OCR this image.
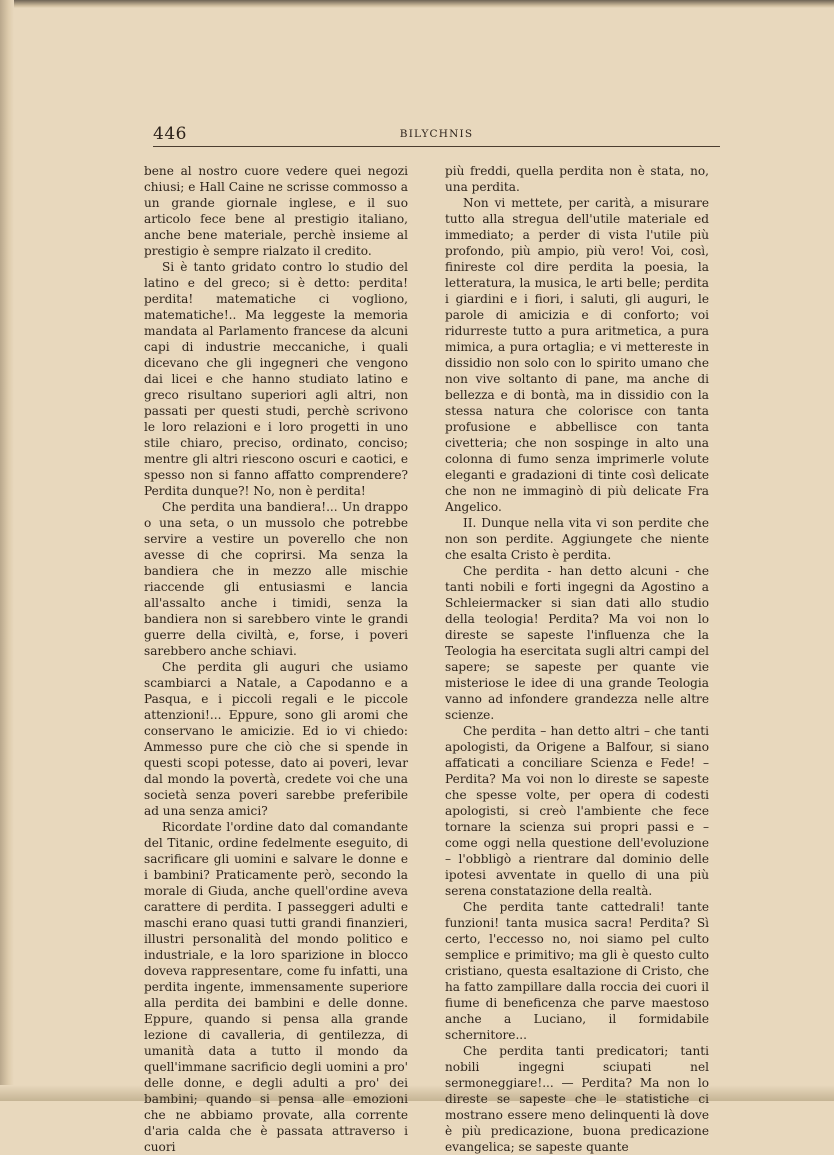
446	BILYCHNIS

bene al nostro cuore vedere quei negozi chiusi; e Hall Caine ne scrisse commosso a un grande giornale inglese, e il suo articolo fece bene al prestigio italiano, anche bene materiale, perchè insieme al prestigio è sempre rialzato il credito.

Si è tanto gridato contro lo studio del latino e del greco; si è detto: perdita! perdita! matematiche ci vogliono, matematiche!.. Ma leggeste la memoria mandata al Parlamento francese da alcuni capi di industrie meccaniche, i quali dicevano che gli ingegneri che vengono dai licei e che hanno studiato latino e greco risultano superiori agli altri, non passati per questi studi, perchè scrivono le loro relazioni e i loro progetti in uno stile chiaro, preciso, ordinato, conciso; mentre gli altri riescono oscuri e caotici, e spesso non si fanno affatto comprendere? Perdita dunque?! No, non è perdita!

Che perdita una bandiera!... Un drappo o una seta, o un mussolo che potrebbe servire a vestire un poverello che non avesse di che coprirsi. Ma senza la bandiera che in mezzo alle mischie riaccende gli entusiasmi e lancia all'assalto anche i timidi, senza la bandiera non si sarebbero vinte le grandi guerre della civiltà, e, forse, i poveri sarebbero anche schiavi.

Che perdita gli auguri che usiamo scambiarci a Natale, a Capodanno e a Pasqua, e i piccoli regali e le piccole attenzioni!... Eppure, sono gli aromi che conservano le amicizie. Ed io vi chiedo: Ammesso pure che ciò che si spende in questi scopi potesse, dato ai poveri, levar dal mondo la povertà, credete voi che una società senza poveri sarebbe preferibile ad una senza amici?

Ricordate l'ordine dato dal comandante del Titanic, ordine fedelmente eseguito, di sacrificare gli uomini e salvare le donne e i bambini? Praticamente però, secondo la morale di Giuda, anche quell'ordine aveva carattere di perdita. I passeggeri adulti e maschi erano quasi tutti grandi finanzieri, illustri personalità del mondo politico e industriale, e la loro sparizione in blocco doveva rappresentare, come fu infatti, una perdita ingente, immensamente superiore alla perdita dei bambini e delle donne. Eppure, quando si pensa alla grande lezione di cavalleria, di gentilezza, di umanità data a tutto il mondo da quell'immane sacrificio degli uomini a pro' delle donne, e degli adulti a pro' dei bambini; quando si pensa alle emozioni che ne abbiamo provate, alla corrente d'aria calda che è passata attraverso i cuori

più freddi, quella perdita non è stata, no, una perdita.

Non vi mettete, per carità, a misurare tutto alla stregua dell'utile materiale ed immediato; a perder di vista l'utile più profondo, più ampio, più vero! Voi, così, finireste col dire perdita la poesia, la letteratura, la musica, le arti belle; perdita i giardini e i fiori, i saluti, gli auguri, le parole di amicizia e di conforto; voi ridurreste tutto a pura aritmetica, a pura mimica, a pura ortaglia; e vi mettereste in dissidio non solo con lo spirito umano che non vive soltanto di pane, ma anche di bellezza e di bontà, ma in dissidio con la stessa natura che colorisce con tanta profusione e abbellisce con tanta civetteria; che non sospinge in alto una colonna di fumo senza imprimerle volute eleganti e gradazioni di tinte così delicate che non ne immaginò di più delicate Fra Angelico.

II. Dunque nella vita vi son perdite che non son perdite. Aggiungete che niente che esalta Cristo è perdita.

Che perdita - han detto alcuni - che tanti nobili e forti ingegni da Agostino a Schleiermacker si sian dati allo studio della teologia! Perdita? Ma voi non lo direste se sapeste l'influenza che la Teologia ha esercitata sugli altri campi del sapere; se sapeste per quante vie misteriose le idee di una grande Teologia vanno ad infondere grandezza nelle altre scienze.

Che perdita – han detto altri – che tanti apologisti, da Origene a Balfour, si siano affaticati a conciliare Scienza e Fede! – Perdita? Ma voi non lo direste se sapeste che spesse volte, per opera di codesti apologisti, si creò l'ambiente che fece tornare la scienza sui propri passi e – come oggi nella questione dell'evoluzione – l'obbligò a rientrare dal dominio delle ipotesi avventate in quello di una più serena constatazione della realtà.

Che perdita tante cattedrali! tante funzioni! tanta musica sacra! Perdita? Sì certo, l'eccesso no, noi siamo pel culto semplice e primitivo; ma gli è questo culto cristiano, questa esaltazione di Cristo, che ha fatto zampillare dalla roccia dei cuori il fiume di beneficenza che parve maestoso anche a Luciano, il formidabile schernitore...

Che perdita tanti predicatori; tanti nobili ingegni sciupati nel sermoneggiare!... — Perdita? Ma non lo direste se sapeste che le statistiche ci mostrano essere meno delinquenti là dove è più predicazione, buona predicazione evangelica; se sapeste quante
